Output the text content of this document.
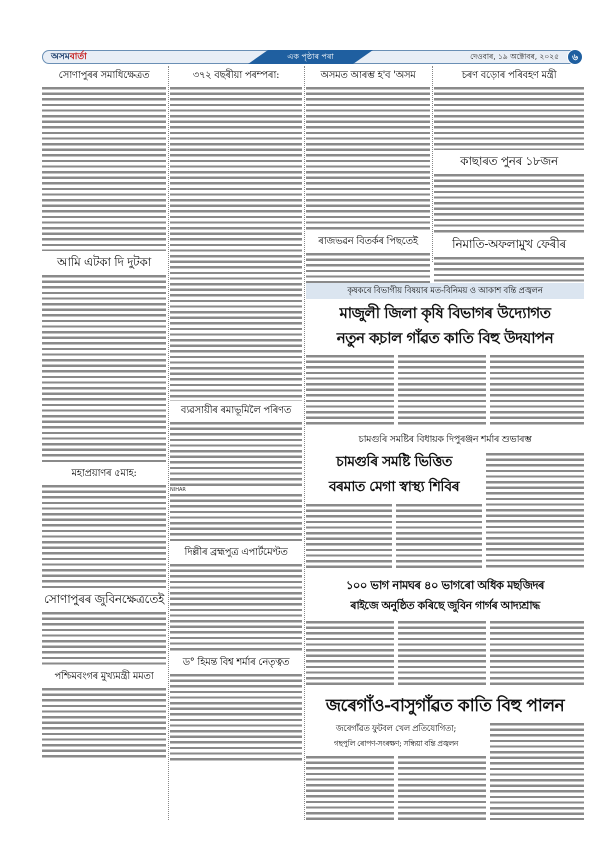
অসমবাৰ্তা	এক পৃষ্ঠাৰ পৰা	দেওবাৰ, ১৯ অক্টোবৰ, ২০২৫	৬
সোণাপুৰৰ সমাধিক্ষেত্ৰত
আমি এটকা দি দুটকা
মহাপ্ৰয়াণৰ ৫মাহ:
সোণাপুৰৰ জুবিনক্ষেত্ৰতেই
পশ্চিমবংগৰ মুখ্যমন্ত্ৰী মমতা
৩৭২ বছৰীয়া পৰম্পৰা:
ব্যৱসায়ীৰ ৰমাভূমিলৈ পৰিণত
NIHAR
দিল্লীৰ ব্ৰহ্মপুত্ৰ এপাৰ্টমেণ্টত
ড° হিমন্ত বিশ্ব শৰ্মাৰ নেতৃত্বত
অসমত আৰম্ভ হ'ব 'অসম
ৰাজভৱন বিতৰ্কৰ পিছতেই
চৰণ বড়োৰ পৰিবহণ মন্ত্ৰী
কাছাৰত পুনৰ ১৮জন
নিমাতি-অফলামুখ ফেৰীৰ
কৃষকৰে বিভাগীয় বিষয়াৰ মত-বিনিময় ও আকাশ বন্তি প্ৰজ্বলন
মাজুলী জিলা কৃষি বিভাগৰ উদ্যোগত
নতুন কচ়াল গাঁৱত কাতি বিহু উদযাপন
চামগুৰি সমষ্টিৰ বিধায়ক দিপুৰঞ্জন শৰ্মাৰ শুভাৰম্ভ
চামগুৰি সমষ্টি ভিত্তিত
বৰমাত মেগা স্বাস্থ্য শিবিৰ
১০০ ভাগ নামঘৰ ৪০ ভাগৰো অধিক মছজিদৰ
ৰাইজে অনুষ্ঠিত কৰিছে জুবিন গাৰ্গৰ আদ্যশ্ৰাদ্ধ
জৰেগাঁও-বাসুগাঁৱত কাতি বিহু পালন
জৰেগাঁৱত ফুটবল খেল প্ৰতিযোগিতা;
গছপুলি ৰোপণ-সংৰক্ষণ; সন্ধিয়া বন্তি প্ৰজ্বলন
